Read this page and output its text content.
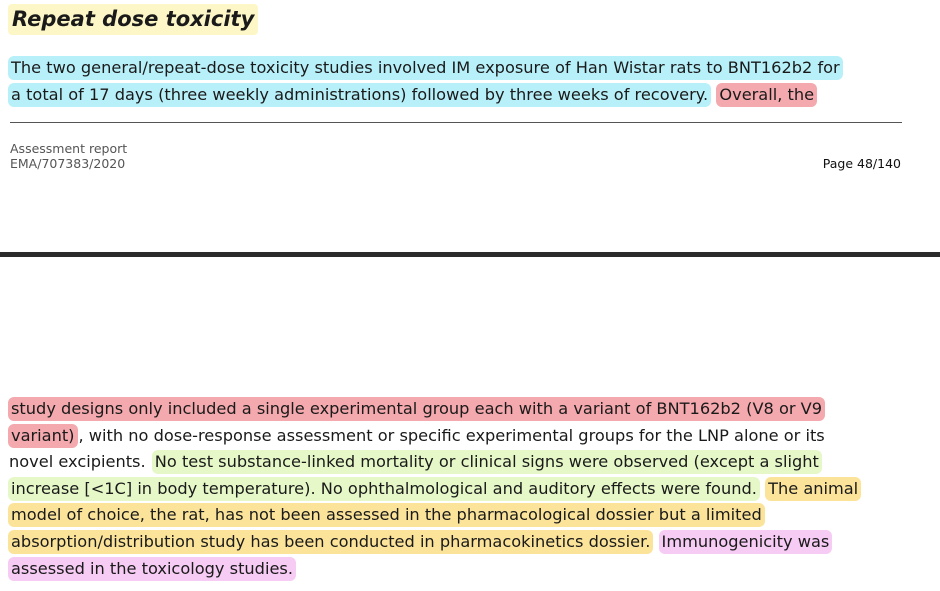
Repeat dose toxicity
The two general/repeat-dose toxicity studies involved IM exposure of Han Wistar rats to BNT162b2 for
a total of 17 days (three weekly administrations) followed by three weeks of recovery. Overall, the
Assessment report
EMA/707383/2020	Page 48/140
study designs only included a single experimental group each with a variant of BNT162b2 (V8 or V9
variant) , with no dose-response assessment or specific experimental groups for the LNP alone or its
novel excipients. No test substance-linked mortality or clinical signs were observed (except a slight
increase [<1C] in body temperature). No ophthalmological and auditory effects were found. The animal
model of choice, the rat, has not been assessed in the pharmacological dossier but a limited
absorption/distribution study has been conducted in pharmacokinetics dossier. Immunogenicity was
assessed in the toxicology studies.
